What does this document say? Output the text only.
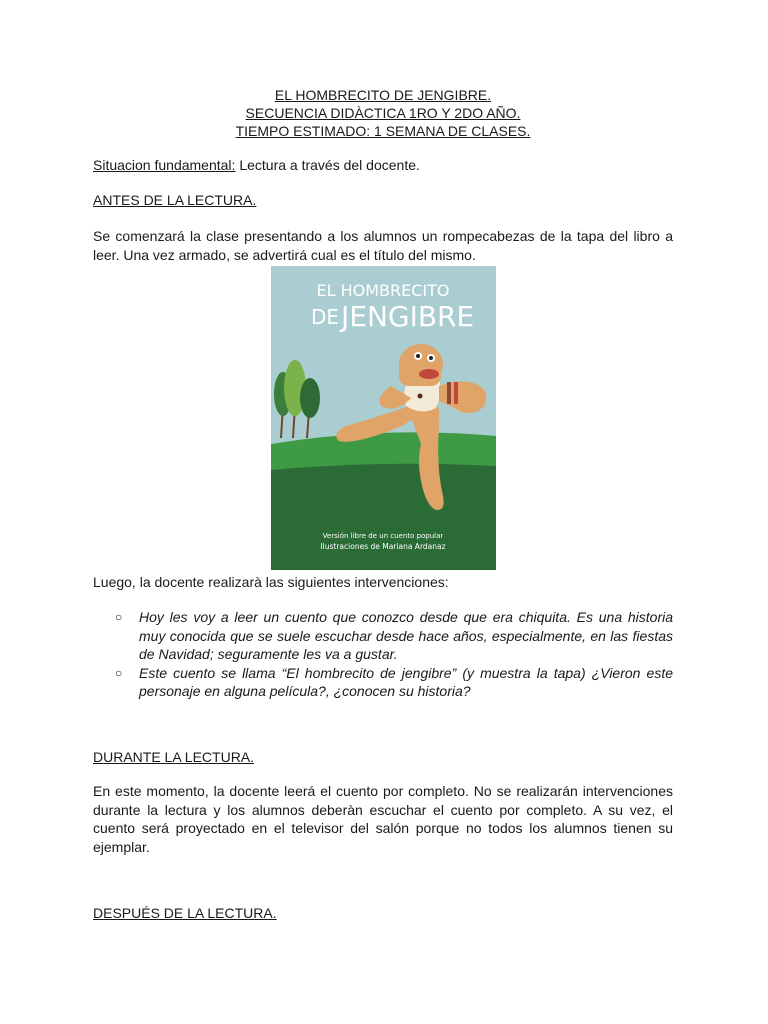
EL HOMBRECITO DE JENGIBRE.
SECUENCIA DIDÀCTICA 1RO Y 2DO AÑO.
TIEMPO ESTIMADO: 1 SEMANA DE CLASES.
Situacion fundamental: Lectura a través del docente.
ANTES DE LA LECTURA.
Se comenzará la clase presentando a los alumnos un rompecabezas de la tapa del libro a leer. Una vez armado, se advertirá cual es el título del mismo.
EL HOMBRECITO
DE JENGIBRE
Versión libre de un cuento popular
Ilustraciones de Mariana Ardanaz
Luego, la docente realizarà las siguientes intervenciones:
○ Hoy les voy a leer un cuento que conozco desde que era chiquita. Es una historia muy conocida que se suele escuchar desde hace años, especialmente, en las fiestas de Navidad; seguramente les va a gustar.
○ Este cuento se llama “El hombrecito de jengibre” (y muestra la tapa) ¿Vieron este personaje en alguna película?, ¿conocen su historia?
DURANTE LA LECTURA.
En este momento, la docente leerá el cuento por completo. No se realizarán intervenciones durante la lectura y los alumnos deberàn escuchar el cuento por completo. A su vez, el cuento será proyectado en el televisor del salón porque no todos los alumnos tienen su ejemplar.
DESPUÉS DE LA LECTURA.
